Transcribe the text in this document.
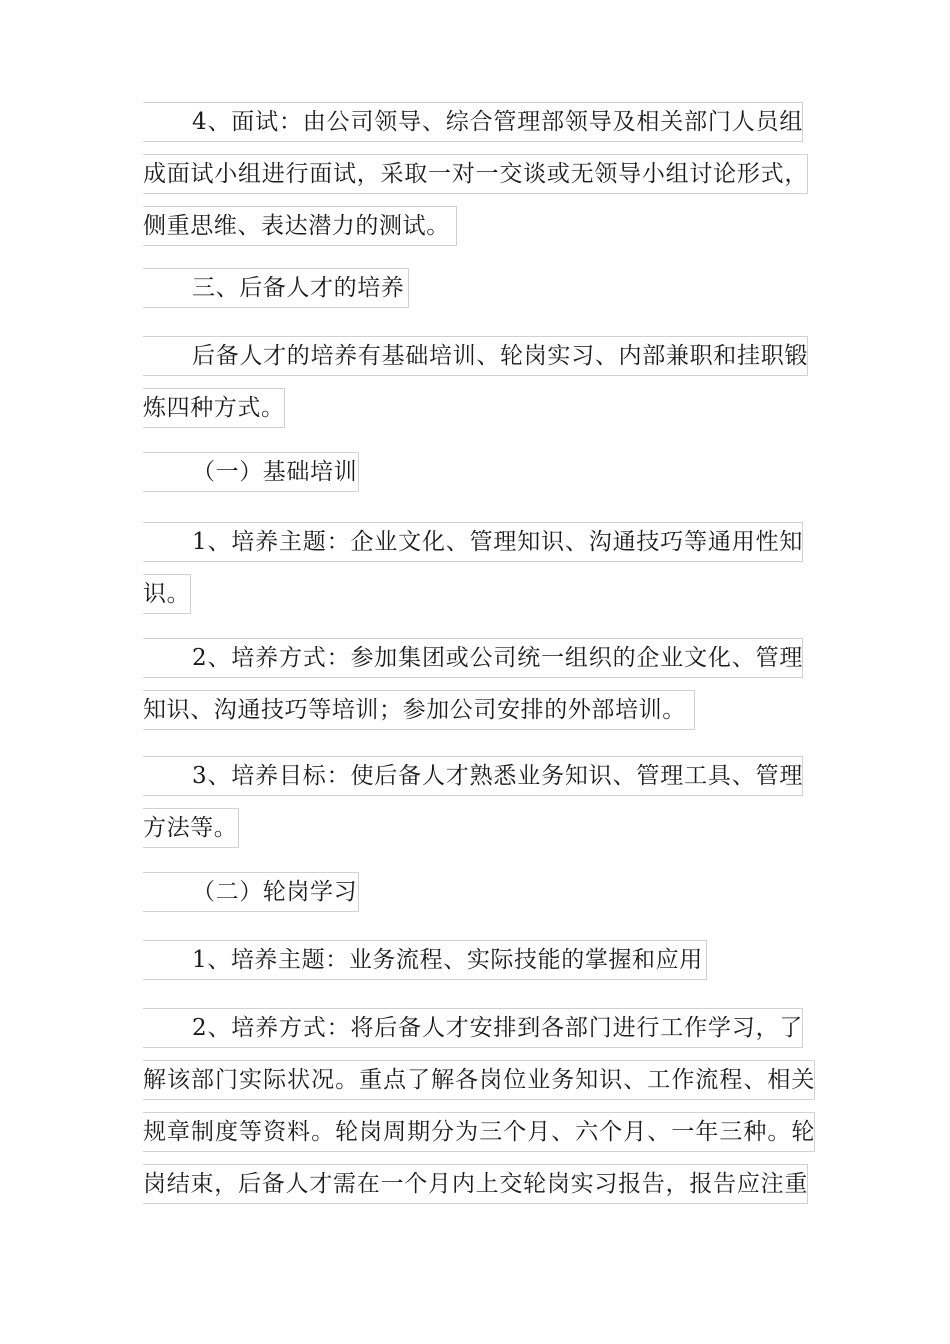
4、面试：由公司领导、综合管理部领导及相关部门人员组
成面试小组进行面试，采取一对一交谈或无领导小组讨论形式，
侧重思维、表达潜力的测试。
三、后备人才的培养
后备人才的培养有基础培训、轮岗实习、内部兼职和挂职锻
炼四种方式。
（一）基础培训
1、培养主题：企业文化、管理知识、沟通技巧等通用性知
识。
2、培养方式：参加集团或公司统一组织的企业文化、管理
知识、沟通技巧等培训；参加公司安排的外部培训。
3、培养目标：使后备人才熟悉业务知识、管理工具、管理
方法等。
（二）轮岗学习
1、培养主题：业务流程、实际技能的掌握和应用
2、培养方式：将后备人才安排到各部门进行工作学习，了
解该部门实际状况。重点了解各岗位业务知识、工作流程、相关
规章制度等资料。轮岗周期分为三个月、六个月、一年三种。轮
岗结束，后备人才需在一个月内上交轮岗实习报告，报告应注重
